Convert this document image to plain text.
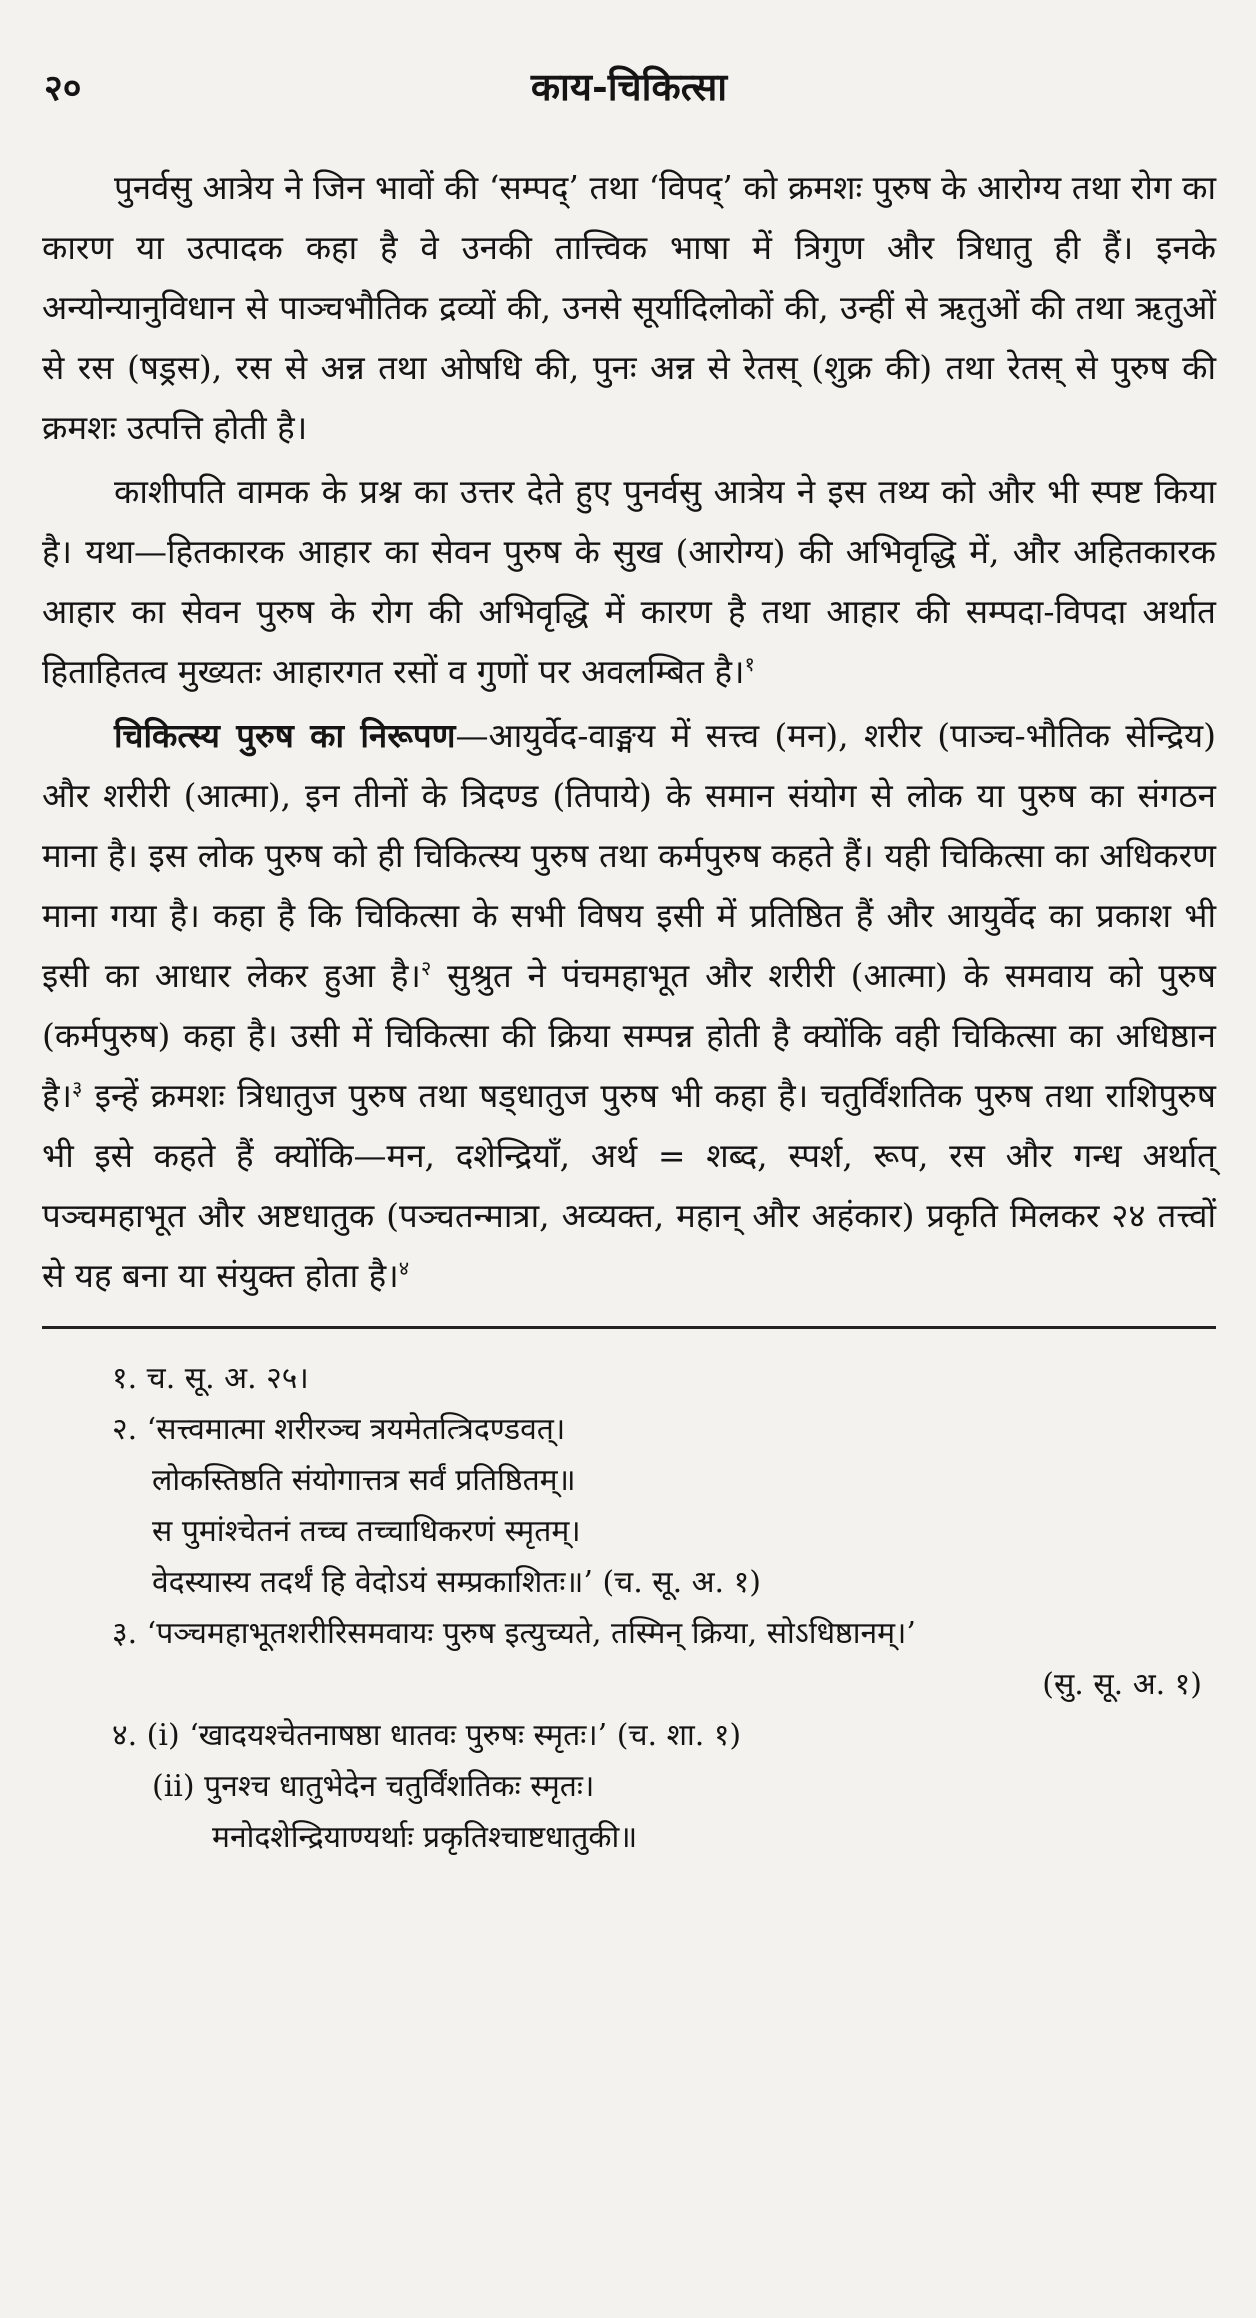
२०	काय-चिकित्सा

पुनर्वसु आत्रेय ने जिन भावों की ‘सम्पद्’ तथा ‘विपद्’ को क्रमशः पुरुष के आरोग्य तथा रोग का कारण या उत्पादक कहा है वे उनकी तात्त्विक भाषा में त्रिगुण और त्रिधातु ही हैं। इनके अन्योन्यानुविधान से पाञ्चभौतिक द्रव्यों की, उनसे सूर्यादिलोकों की, उन्हीं से ऋतुओं की तथा ऋतुओं से रस (षड्रस), रस से अन्न तथा ओषधि की, पुनः अन्न से रेतस् (शुक्र की) तथा रेतस् से पुरुष की क्रमशः उत्पत्ति होती है।

काशीपति वामक के प्रश्न का उत्तर देते हुए पुनर्वसु आत्रेय ने इस तथ्य को और भी स्पष्ट किया है। यथा—हितकारक आहार का सेवन पुरुष के सुख (आरोग्य) की अभिवृद्धि में, और अहितकारक आहार का सेवन पुरुष के रोग की अभिवृद्धि में कारण है तथा आहार की सम्पदा-विपदा अर्थात हिताहितत्व मुख्यतः आहारगत रसों व गुणों पर अवलम्बित है।$^१$

चिकित्स्य पुरुष का निरूपण—आयुर्वेद-वाङ्मय में सत्त्व (मन), शरीर (पाञ्च-भौतिक सेन्द्रिय) और शरीरी (आत्मा), इन तीनों के त्रिदण्ड (तिपाये) के समान संयोग से लोक या पुरुष का संगठन माना है। इस लोक पुरुष को ही चिकित्स्य पुरुष तथा कर्मपुरुष कहते हैं। यही चिकित्सा का अधिकरण माना गया है। कहा है कि चिकित्सा के सभी विषय इसी में प्रतिष्ठित हैं और आयुर्वेद का प्रकाश भी इसी का आधार लेकर हुआ है।$^२$ सुश्रुत ने पंचमहाभूत और शरीरी (आत्मा) के समवाय को पुरुष (कर्मपुरुष) कहा है। उसी में चिकित्सा की क्रिया सम्पन्न होती है क्योंकि वही चिकित्सा का अधिष्ठान है।$^३$ इन्हें क्रमशः त्रिधातुज पुरुष तथा षड्धातुज पुरुष भी कहा है। चतुर्विंशतिक पुरुष तथा राशिपुरुष भी इसे कहते हैं क्योंकि—मन, दशेन्द्रियाँ, अर्थ = शब्द, स्पर्श, रूप, रस और गन्ध अर्थात् पञ्चमहाभूत और अष्टधातुक (पञ्चतन्मात्रा, अव्यक्त, महान् और अहंकार) प्रकृति मिलकर २४ तत्त्वों से यह बना या संयुक्त होता है।$^४$

१. च. सू. अ. २५।

२. ‘सत्त्वमात्मा शरीरञ्च त्रयमेतत्त्रिदण्डवत्।

लोकस्तिष्ठति संयोगात्तत्र सर्वं प्रतिष्ठितम्॥

स पुमांश्चेतनं तच्च तच्चाधिकरणं स्मृतम्।

वेदस्यास्य तदर्थं हि वेदोऽयं सम्प्रकाशितः॥’ (च. सू. अ. १)

३. ‘पञ्चमहाभूतशरीरिसमवायः पुरुष इत्युच्यते, तस्मिन् क्रिया, सोऽधिष्ठानम्।’

(सु. सू. अ. १)

४. (i) ‘खादयश्चेतनाषष्ठा धातवः पुरुषः स्मृतः।’ (च. शा. १)

(ii) पुनश्च धातुभेदेन चतुर्विंशतिकः स्मृतः।

मनोदशेन्द्रियाण्यर्थाः प्रकृतिश्चाष्टधातुकी॥
